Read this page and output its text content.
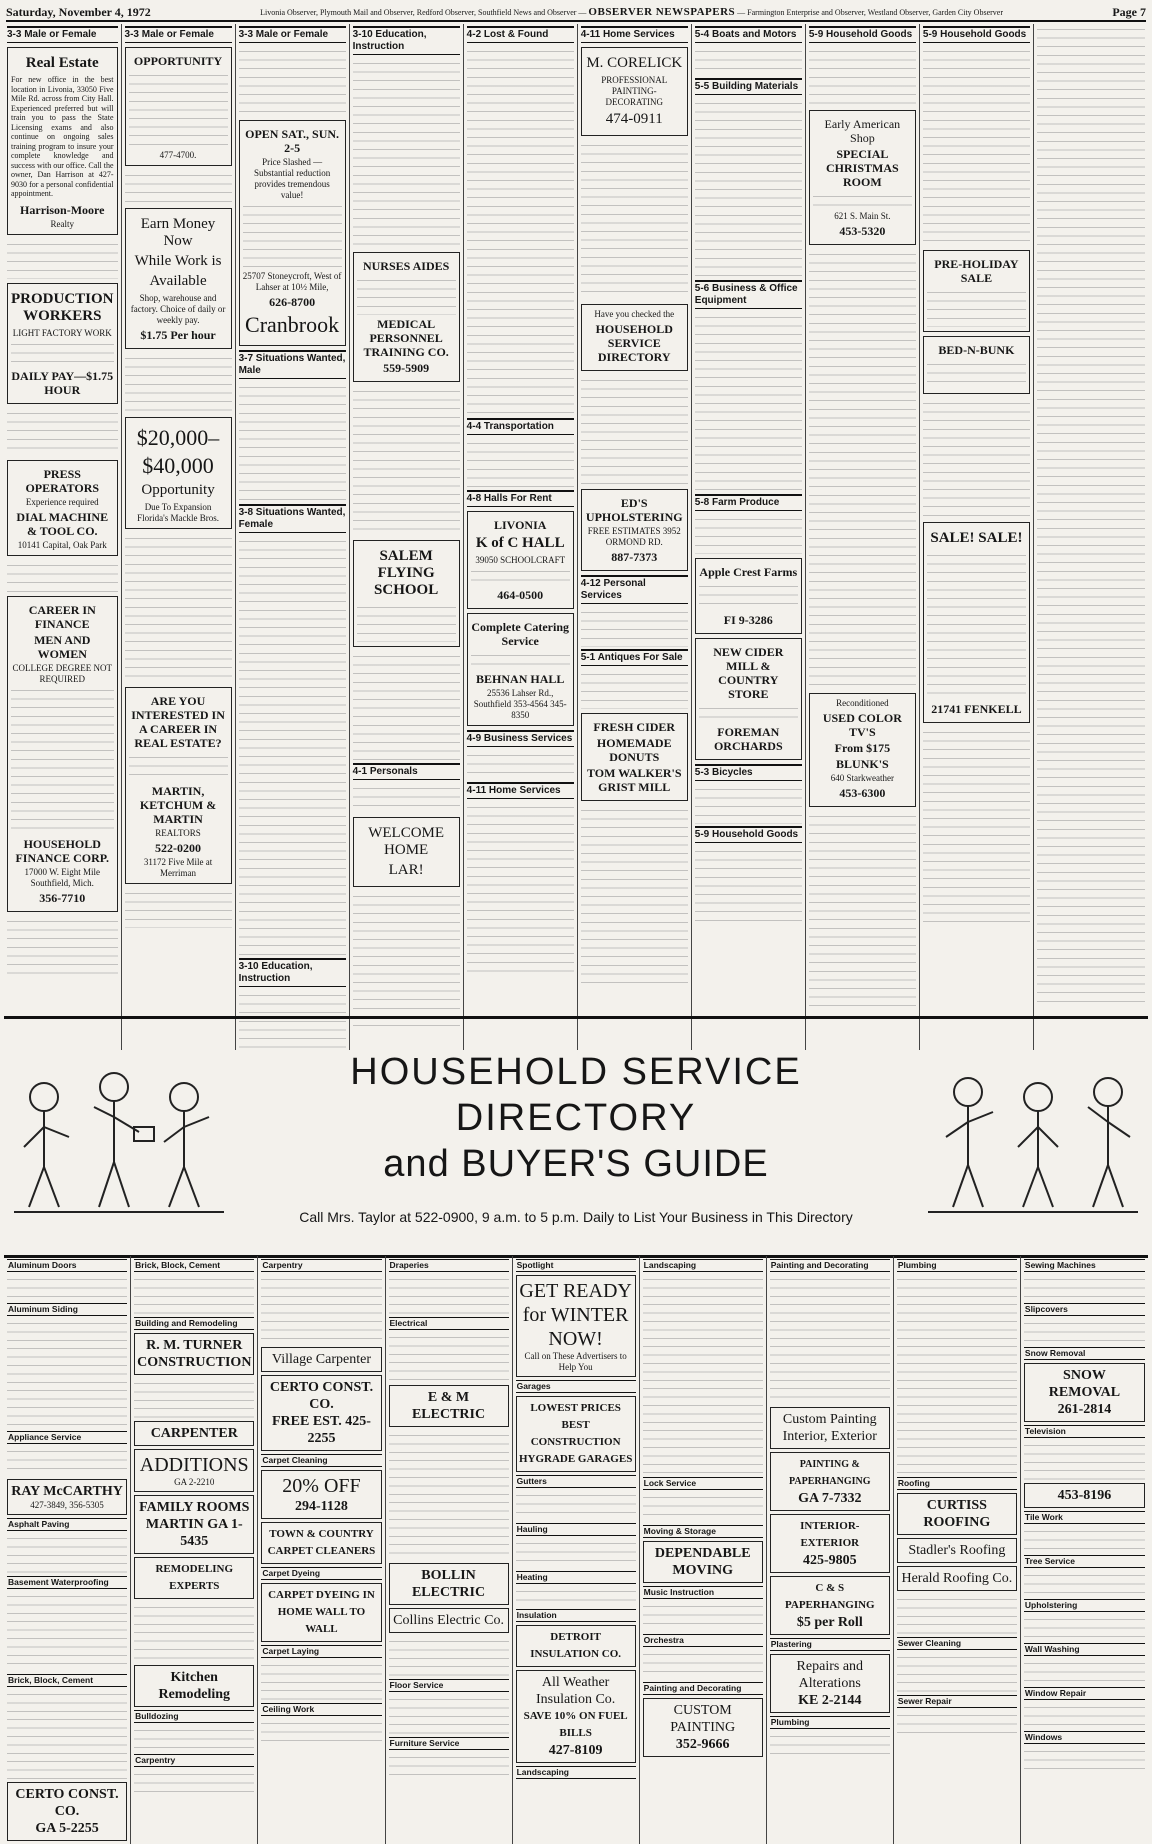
Saturday, November 4, 1972	Livonia Observer, Plymouth Mail and Observer, Redford Observer, Southfield News and Observer — OBSERVER NEWSPAPERS — Farmington Enterprise and Observer, Westland Observer, Garden City Observer	Page 7
3-3 Male or Female
Real Estate
For new office in the best location in Livonia, 33050 Five Mile Rd. across from City Hall. Experienced preferred but will train you to pass the State Licensing exams and also continue on ongoing sales training program to insure your complete knowledge and success with our office. Call the owner, Dan Harrison at 427-9030 for a personal confidential appointment.
Harrison-Moore
Realty
PRODUCTION WORKERS
LIGHT FACTORY WORK
DAILY PAY—$1.75 HOUR
PRESS OPERATORS
Experience required
DIAL MACHINE & TOOL CO.
10141 Capital, Oak Park
CAREER IN FINANCE
MEN AND WOMEN
COLLEGE DEGREE NOT REQUIRED
HOUSEHOLD FINANCE CORP.
17000 W. Eight Mile Southfield, Mich.
356-7710
3-3 Male or Female
OPPORTUNITY
477-4700.
Earn Money Now
While Work is
Available
Shop, warehouse and factory. Choice of daily or weekly pay.
$1.75 Per hour
$20,000–
$40,000
Opportunity
Due To Expansion Florida's Mackle Bros.
ARE YOU INTERESTED IN A CAREER IN REAL ESTATE?
MARTIN, KETCHUM & MARTIN
REALTORS
522-0200
31172 Five Mile at Merriman
3-3 Male or Female
OPEN SAT., SUN. 2-5
Price Slashed — Substantial reduction provides tremendous value!
25707 Stoneycroft, West of Lahser at 10½ Mile,
626-8700
Cranbrook
3-7 Situations Wanted, Male
3-8 Situations Wanted, Female
3-10 Education, Instruction
3-10 Education, Instruction
NURSES AIDES
MEDICAL PERSONNEL TRAINING CO.
559-5909
SALEM FLYING SCHOOL
4-1 Personals
WELCOME HOME
LAR!
4-2 Lost & Found
4-4 Transportation
4-8 Halls For Rent
LIVONIA
K of C HALL
39050 SCHOOLCRAFT
464-0500
Complete Catering Service
BEHNAN HALL
25536 Lahser Rd., Southfield 353-4564 345-8350
4-9 Business Services
4-11 Home Services
4-11 Home Services
M. CORELICK
PROFESSIONAL PAINTING-DECORATING
474-0911
Have you checked the
HOUSEHOLD SERVICE DIRECTORY
ED'S UPHOLSTERING
FREE ESTIMATES 3952 ORMOND RD.
887-7373
4-12 Personal Services
5-1 Antiques For Sale
FRESH CIDER
HOMEMADE DONUTS
TOM WALKER'S GRIST MILL
5-4 Boats and Motors
5-5 Building Materials
5-6 Business & Office Equipment
5-8 Farm Produce
Apple Crest Farms
FI 9-3286
NEW CIDER MILL & COUNTRY STORE
FOREMAN ORCHARDS
5-3 Bicycles
5-9 Household Goods
5-9 Household Goods
Early American Shop
SPECIAL CHRISTMAS ROOM
621 S. Main St.
453-5320
Reconditioned
USED COLOR TV'S
From $175
BLUNK'S
640 Starkweather
453-6300
5-9 Household Goods
PRE-HOLIDAY SALE
BED-N-BUNK
SALE! SALE!
21741 FENKELL
HOUSEHOLD SERVICE DIRECTORY
and BUYER'S GUIDE
Call Mrs. Taylor at 522-0900, 9 a.m. to 5 p.m. Daily to List Your Business in This Directory
Aluminum Doors
Aluminum Siding
Appliance Service
RAY McCARTHY
427-3849, 356-5305
Asphalt Paving
Basement Waterproofing
Brick, Block, Cement
CERTO CONST. CO.
GA 5-2255
Brick, Block, Cement
Building and Remodeling
R. M. TURNER CONSTRUCTION
CARPENTER
ADDITIONS
GA 2-2210
FAMILY ROOMS
MARTIN GA 1-5435
REMODELING EXPERTS
Kitchen Remodeling
Bulldozing
Carpentry
Carpentry
Village Carpenter
CERTO CONST. CO.
FREE EST. 425-2255
Carpet Cleaning
20% OFF
294-1128
TOWN & COUNTRY CARPET CLEANERS
Carpet Dyeing
CARPET DYEING IN HOME WALL TO WALL
Carpet Laying
Ceiling Work
Draperies
Electrical
E & M ELECTRIC
BOLLIN ELECTRIC
Collins Electric Co.
Floor Service
Furniture Service
Spotlight
GET READY for WINTER NOW!
Call on These Advertisers to Help You
Garages
LOWEST PRICES BEST CONSTRUCTION
HYGRADE GARAGES
Gutters
Hauling
Heating
Insulation
DETROIT INSULATION CO.
All Weather Insulation Co.
SAVE 10% ON FUEL BILLS
427-8109
Landscaping
Landscaping
Lock Service
Moving & Storage
DEPENDABLE MOVING
Music Instruction
Orchestra
Painting and Decorating
CUSTOM PAINTING
352-9666
Painting and Decorating
Custom Painting Interior, Exterior
PAINTING & PAPERHANGING
GA 7-7332
INTERIOR-EXTERIOR
425-9805
C & S PAPERHANGING
$5 per Roll
Plastering
Repairs and Alterations
KE 2-2144
Plumbing
Plumbing
Roofing
CURTISS ROOFING
Stadler's Roofing
Herald Roofing Co.
Sewer Cleaning
Sewer Repair
Sewing Machines
Slipcovers
Snow Removal
SNOW REMOVAL
261-2814
Television
453-8196
Tile Work
Tree Service
Upholstering
Wall Washing
Window Repair
Windows
